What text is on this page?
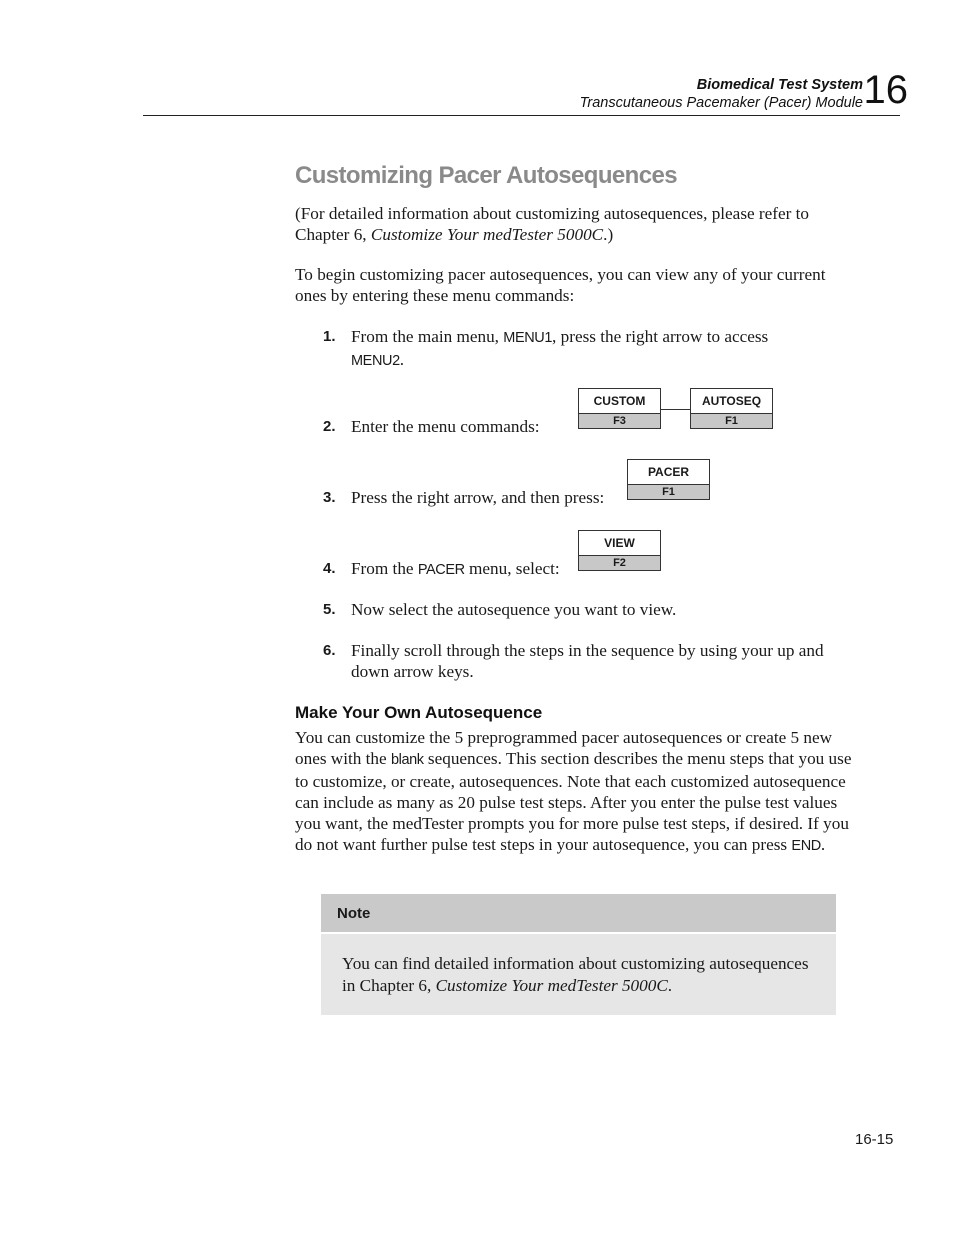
Biomedical Test System
Transcutaneous Pacemaker (Pacer) Module 16
Customizing Pacer Autosequences

(For detailed information about customizing autosequences, please refer to Chapter 6, Customize Your medTester 5000C.)

To begin customizing pacer autosequences, you can view any of your current ones by entering these menu commands:

1. From the main menu, MENU1, press the right arrow to access
MENU2.
2. Enter the menu commands:
CUSTOM
F3
AUTOSEQ
F1
3. Press the right arrow, and then press:
PACER
F1
4. From the PACER menu, select:
VIEW
F2
5. Now select the autosequence you want to view.
6. Finally scroll through the steps in the sequence by using your up and down arrow keys.
Make Your Own Autosequence

You can customize the 5 preprogrammed pacer autosequences or create 5 new ones with the blank sequences. This section describes the menu steps that you use to customize, or create, autosequences. Note that each customized autosequence can include as many as 20 pulse test steps. After you enter the pulse test values you want, the medTester prompts you for more pulse test steps, if desired. If you do not want further pulse test steps in your autosequence, you can press END.

Note
You can find detailed information about customizing autosequences in Chapter 6, Customize Your medTester 5000C.
16-15
